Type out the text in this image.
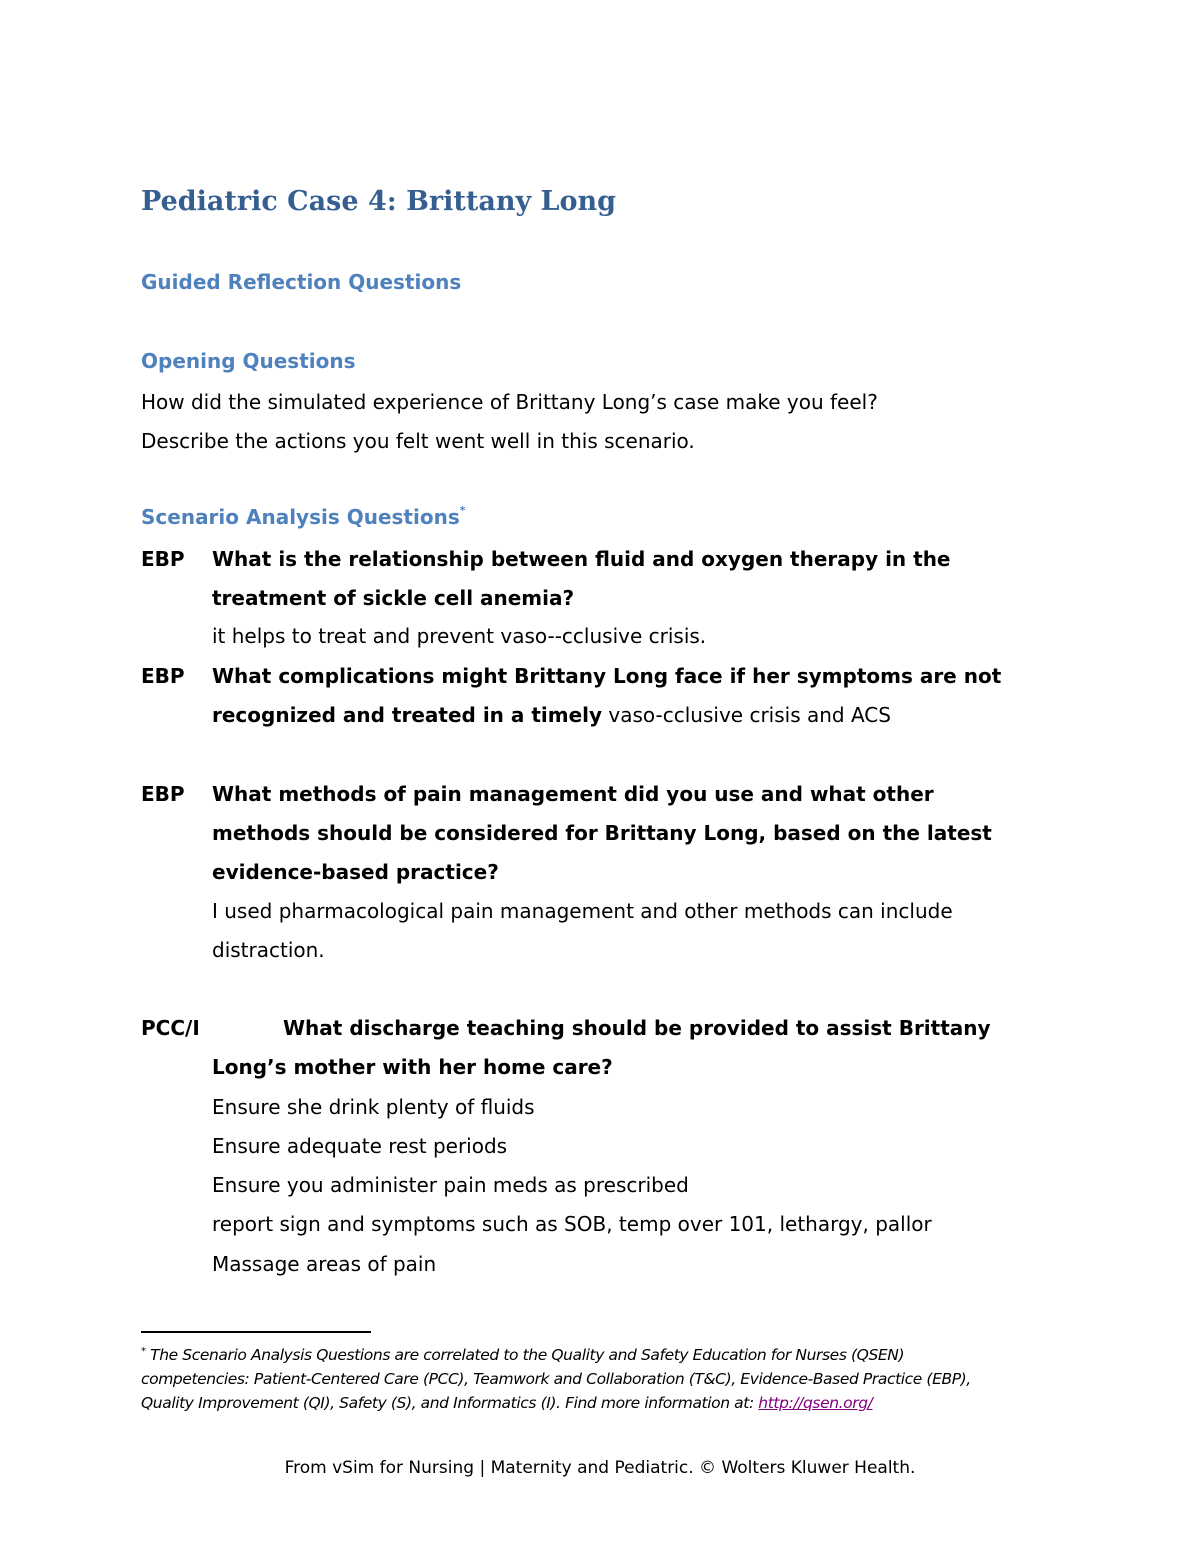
Pediatric Case 4: Brittany Long
Guided Reflection Questions
Opening Questions

How did the simulated experience of Brittany Long’s case make you feel?

Describe the actions you felt went well in this scenario.

Scenario Analysis Questions*
EBP What is the relationship between fluid and oxygen therapy in the

treatment of sickle cell anemia?

it helps to treat and prevent vaso--cclusive crisis.

EBP What complications might Brittany Long face if her symptoms are not

recognized and treated in a timely vaso-cclusive crisis and ACS

EBP What methods of pain management did you use and what other

methods should be considered for Brittany Long, based on the latest

evidence-based practice?

I used pharmacological pain management and other methods can include

distraction.

PCC/I	What discharge teaching should be provided to assist Brittany

Long’s mother with her home care?

Ensure she drink plenty of fluids

Ensure adequate rest periods

Ensure you administer pain meds as prescribed

report sign and symptoms such as SOB, temp over 101, lethargy, pallor

Massage areas of pain

* The Scenario Analysis Questions are correlated to the Quality and Safety Education for Nurses (QSEN)
competencies: Patient-Centered Care (PCC), Teamwork and Collaboration (T&C), Evidence-Based Practice (EBP),
Quality Improvement (QI), Safety (S), and Informatics (I). Find more information at: http://qsen.org/

From vSim for Nursing | Maternity and Pediatric. © Wolters Kluwer Health.
